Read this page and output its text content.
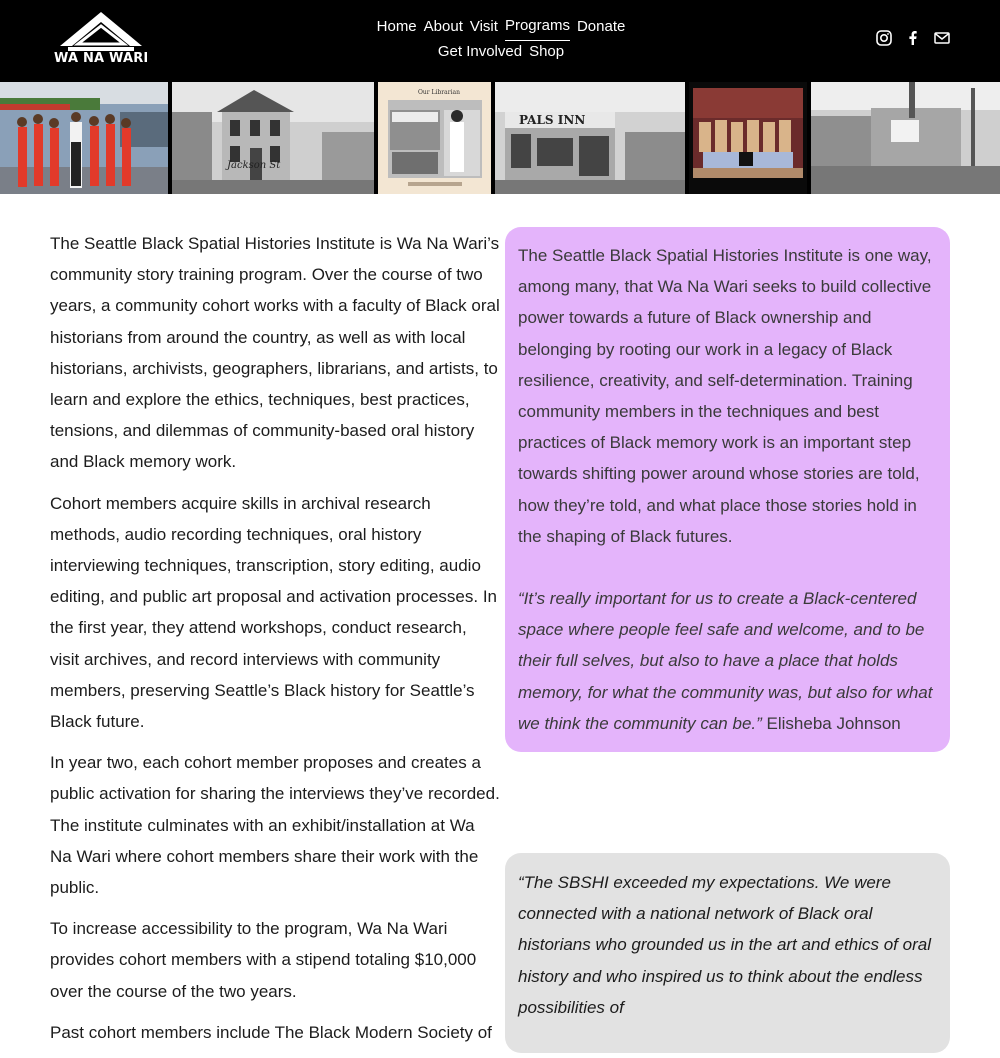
WA NA WARI
Home About Visit Programs Donate
Get Involved Shop
Jackson St
Our Librarian
PALS INN

The Seattle Black Spatial Histories Institute is Wa Na Wari’s community story training program. Over the course of two years, a community cohort works with a faculty of Black oral historians from around the country, as well as with local historians, archivists, geographers, librarians, and artists, to learn and explore the ethics, techniques, best practices, tensions, and dilemmas of community-based oral history and Black memory work.

Cohort members acquire skills in archival research methods, audio recording techniques, oral history interviewing techniques, transcription, story editing, audio editing, and public art proposal and activation processes. In the first year, they attend workshops, conduct research, visit archives, and record interviews with community members, preserving Seattle’s Black history for Seattle’s Black future.

In year two, each cohort member proposes and creates a public activation for sharing the interviews they’ve recorded. The institute culminates with an exhibit/installation at Wa Na Wari where cohort members share their work with the public.

To increase accessibility to the program, Wa Na Wari provides cohort members with a stipend totaling $10,000 over the course of the two years.

Past cohort members include The Black Modern Society of

The Seattle Black Spatial Histories Institute is one way, among many, that Wa Na Wari seeks to build collective power towards a future of Black ownership and belonging by rooting our work in a legacy of Black resilience, creativity, and self-determination. Training community members in the techniques and best practices of Black memory work is an important step towards shifting power around whose stories are told, how they’re told, and what place those stories hold in the shaping of Black futures.

“It’s really important for us to create a Black-centered space where people feel safe and welcome, and to be their full selves, but also to have a place that holds memory, for what the community was, but also for what we think the community can be.” Elisheba Johnson

“The SBSHI exceeded my expectations. We were connected with a national network of Black oral historians who grounded us in the art and ethics of oral history and who inspired us to think about the endless possibilities of
